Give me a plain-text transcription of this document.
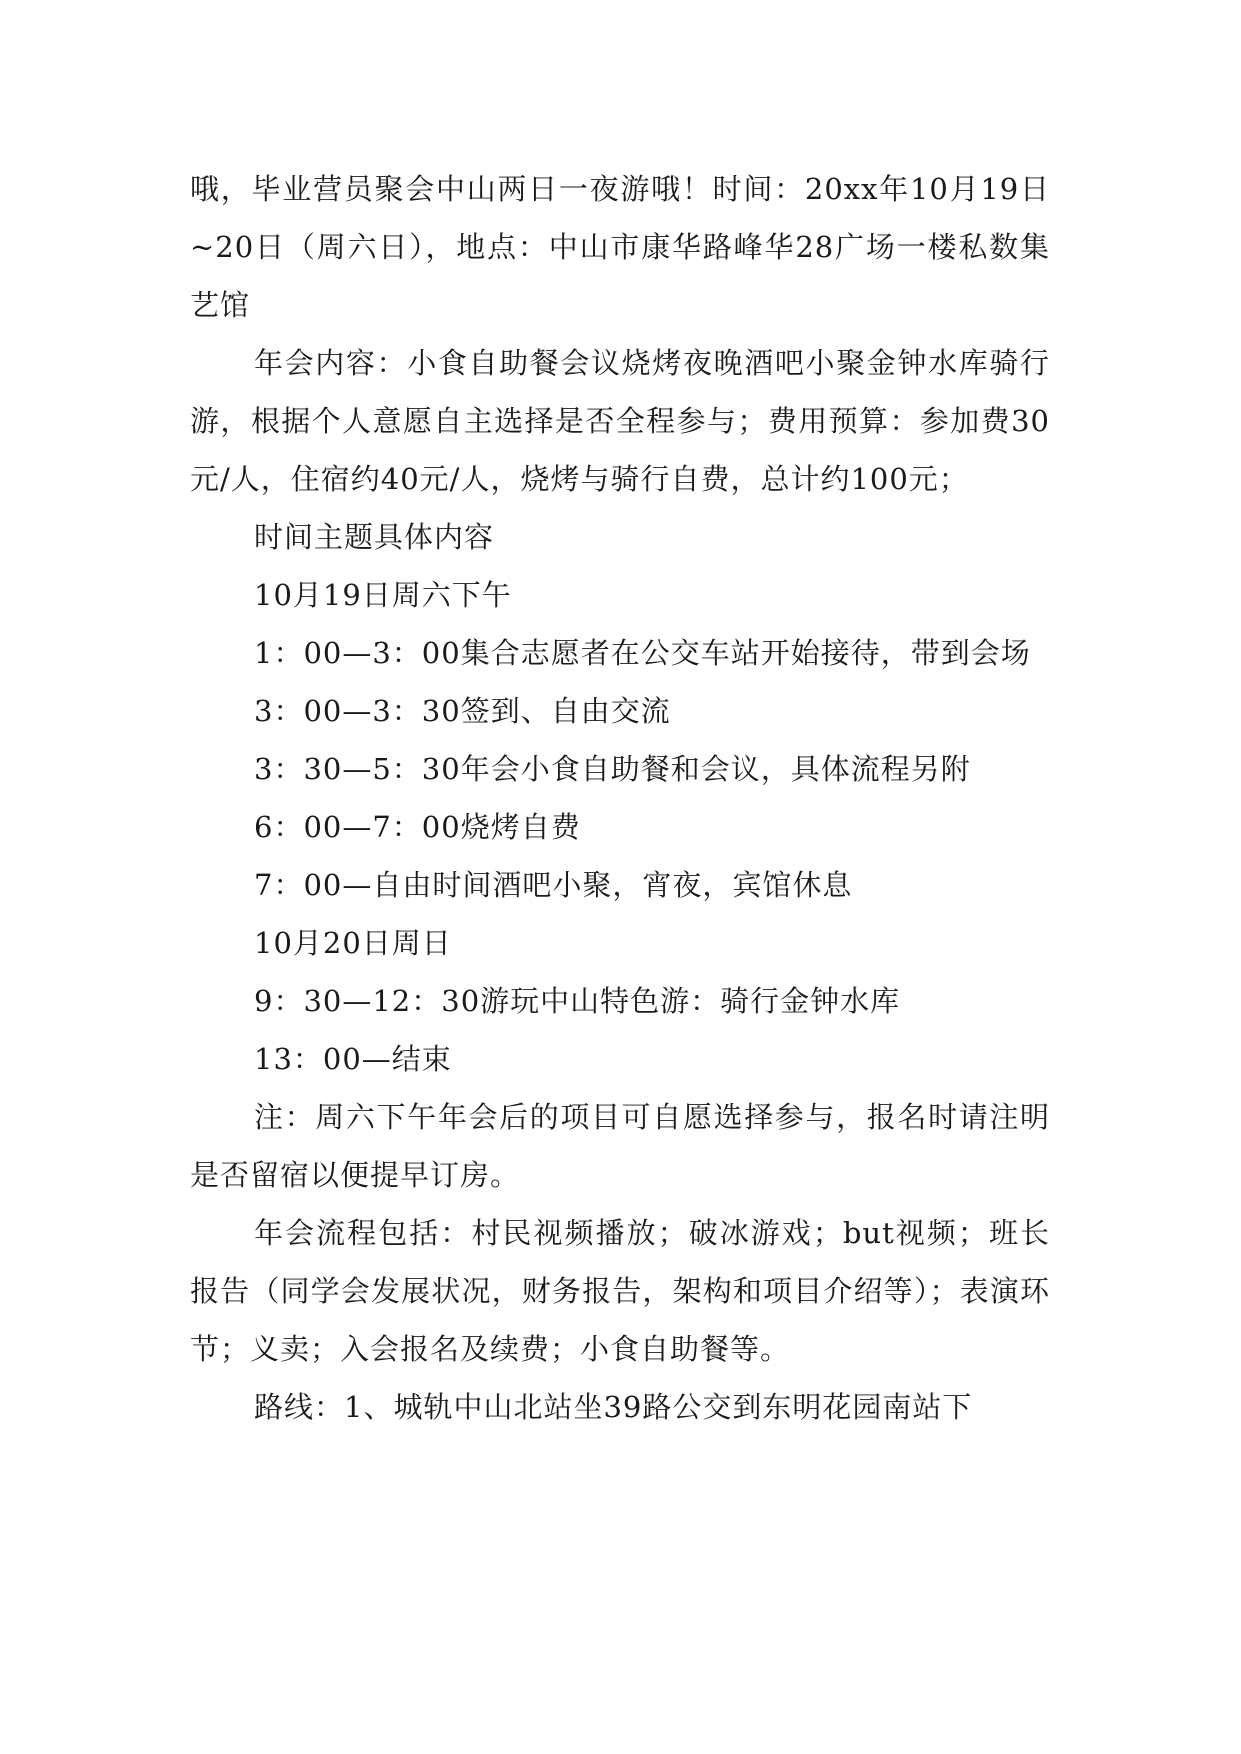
哦，毕业营员聚会中山两日一夜游哦！时间：20xx年10月19日~20日（周六日），地点：中山市康华路峰华28广场一楼私数集艺馆

年会内容：小食自助餐会议烧烤夜晚酒吧小聚金钟水库骑行游，根据个人意愿自主选择是否全程参与；费用预算：参加费30元/人，住宿约40元/人，烧烤与骑行自费，总计约100元；

时间主题具体内容

10月19日周六下午

1：00—3：00集合志愿者在公交车站开始接待，带到会场

3：00—3：30签到、自由交流

3：30—5：30年会小食自助餐和会议，具体流程另附

6：00—7：00烧烤自费

7：00—自由时间酒吧小聚，宵夜，宾馆休息

10月20日周日

9：30—12：30游玩中山特色游：骑行金钟水库

13：00—结束

注：周六下午年会后的项目可自愿选择参与，报名时请注明是否留宿以便提早订房。

年会流程包括：村民视频播放；破冰游戏；but视频；班长报告（同学会发展状况，财务报告，架构和项目介绍等）；表演环节；义卖；入会报名及续费；小食自助餐等。

路线：1、城轨中山北站坐39路公交到东明花园南站下
